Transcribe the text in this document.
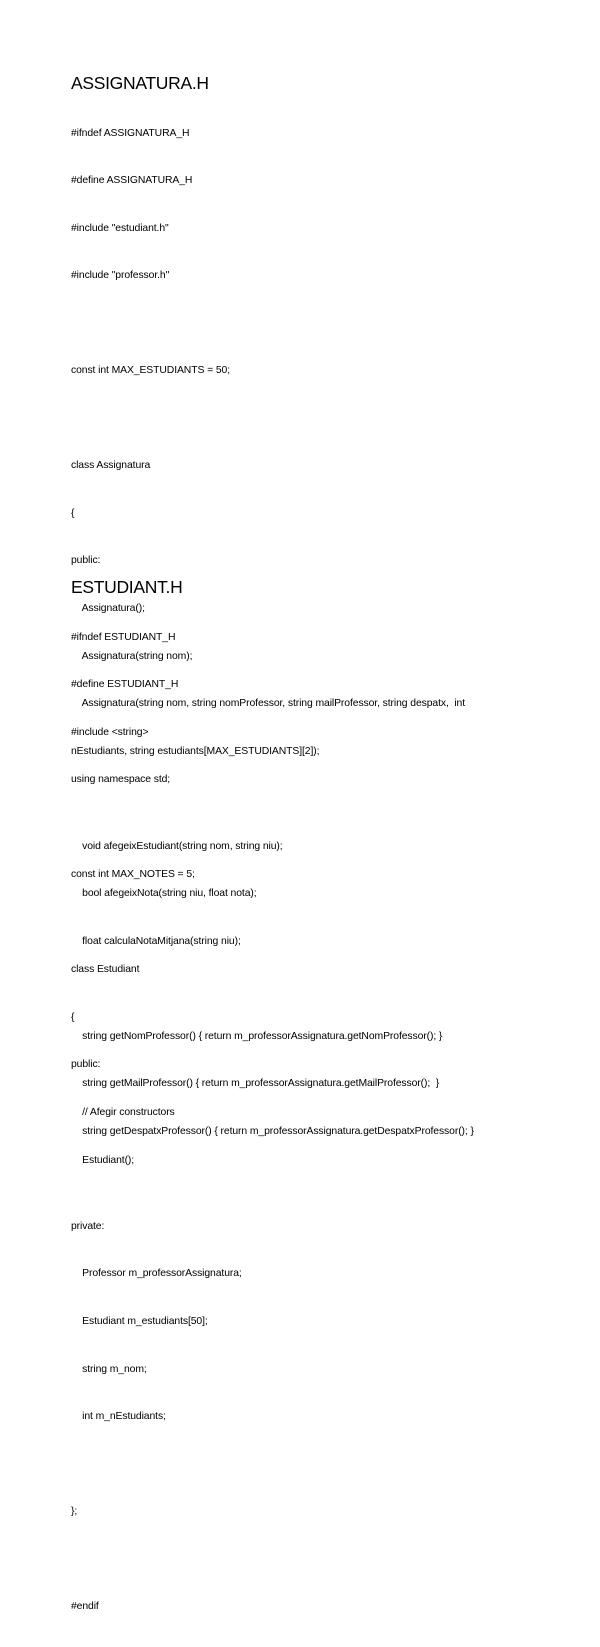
ASSIGNATURA.H

#ifndef ASSIGNATURA_H

#define ASSIGNATURA_H

#include "estudiant.h"

#include "professor.h"

const int MAX_ESTUDIANTS = 50;

class Assignatura

{

public:

Assignatura();

Assignatura(string nom);

Assignatura(string nom, string nomProfessor, string mailProfessor, string despatx,  int

nEstudiants, string estudiants[MAX_ESTUDIANTS][2]);

void afegeixEstudiant(string nom, string niu);

bool afegeixNota(string niu, float nota);

float calculaNotaMitjana(string niu);

string getNomProfessor() { return m_professorAssignatura.getNomProfessor(); }

string getMailProfessor() { return m_professorAssignatura.getMailProfessor();  }

string getDespatxProfessor() { return m_professorAssignatura.getDespatxProfessor(); }

private:

Professor m_professorAssignatura;

Estudiant m_estudiants[50];

string m_nom;

int m_nEstudiants;

};

#endif

ESTUDIANT.H

#ifndef ESTUDIANT_H

#define ESTUDIANT_H

#include <string>

using namespace std;

const int MAX_NOTES = 5;

class Estudiant

{

public:

// Afegir constructors

Estudiant();
